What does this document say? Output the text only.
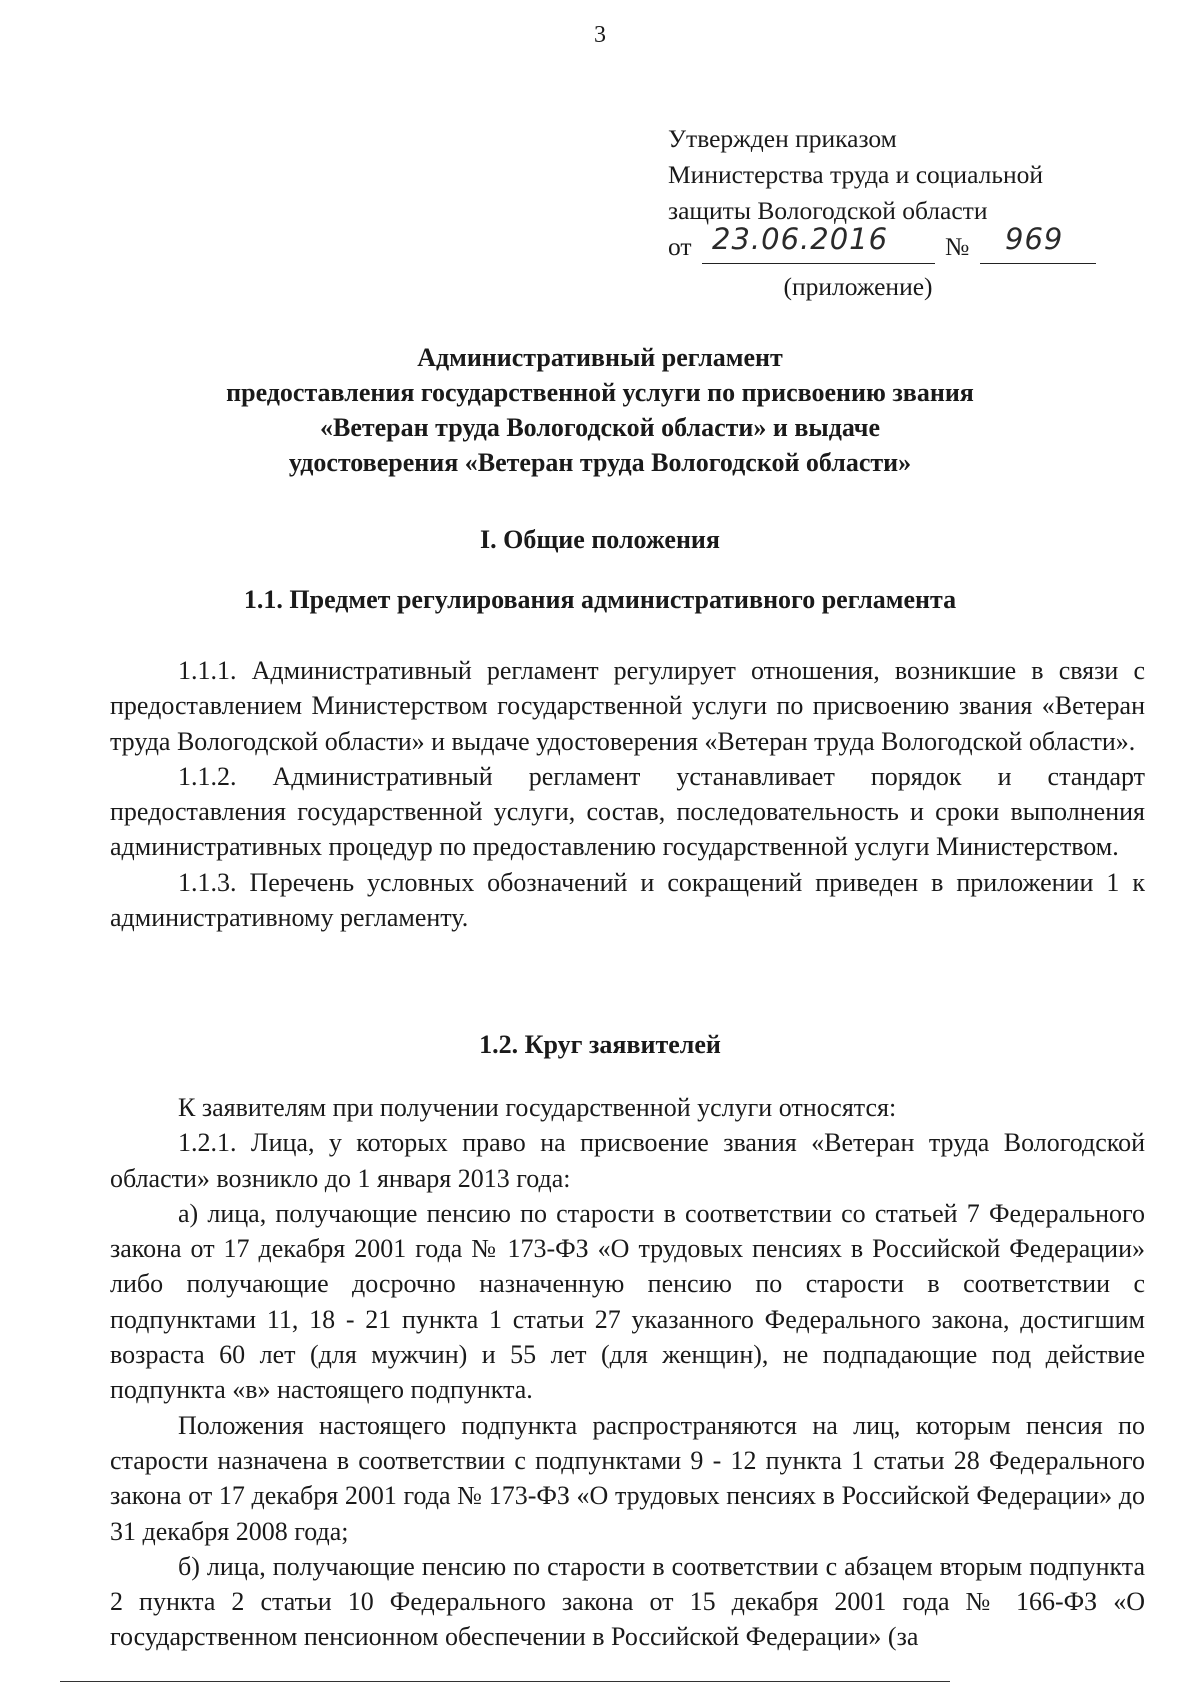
3
Утвержден приказом
Министерства труда и социальной
защиты Вологодской области
от 23.06.2016 № 969
(приложение)
Административный регламент
предоставления государственной услуги по присвоению звания
«Ветеран труда Вологодской области» и выдаче
удостоверения «Ветеран труда Вологодской области»
I. Общие положения
1.1. Предмет регулирования административного регламента

1.1.1. Административный регламент регулирует отношения, возникшие в связи с предоставлением Министерством государственной услуги по присвоению звания «Ветеран труда Вологодской области» и выдаче удостоверения «Ветеран труда Вологодской области».

1.1.2. Административный регламент устанавливает порядок и стандарт предоставления государственной услуги, состав, последовательность и сроки выполнения административных процедур по предоставлению государственной услуги Министерством.

1.1.3. Перечень условных обозначений и сокращений приведен в приложении 1 к административному регламенту.

1.2. Круг заявителей

К заявителям при получении государственной услуги относятся:

1.2.1. Лица, у которых право на присвоение звания «Ветеран труда Вологодской области» возникло до 1 января 2013 года:

а) лица, получающие пенсию по старости в соответствии со статьей 7 Федерального закона от 17 декабря 2001 года № 173-ФЗ «О трудовых пенсиях в Российской Федерации» либо получающие досрочно назначенную пенсию по старости в соответствии с подпунктами 11, 18 - 21 пункта 1 статьи 27 указанного Федерального закона, достигшим возраста 60 лет (для мужчин) и 55 лет (для женщин), не подпадающие под действие подпункта «в» настоящего подпункта.

Положения настоящего подпункта распространяются на лиц, которым пенсия по старости назначена в соответствии с подпунктами 9 - 12 пункта 1 статьи 28 Федерального закона от 17 декабря 2001 года № 173-ФЗ «О трудовых пенсиях в Российской Федерации» до 31 декабря 2008 года;

б) лица, получающие пенсию по старости в соответствии с абзацем вторым подпункта 2 пункта 2 статьи 10 Федерального закона от 15 декабря 2001 года № 166-ФЗ «О государственном пенсионном обеспечении в Российской Федерации» (за
